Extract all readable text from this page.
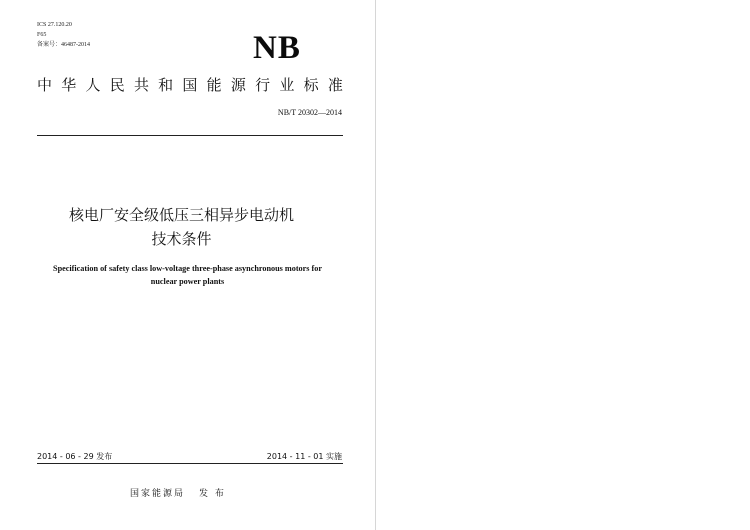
ICS 27.120.20
F65
备案号：46487-2014	NB
中 华 人 民 共 和 国 能 源 行 业 标 准
NB/T 20302—2014
核电厂安全级低压三相异步电动机
技术条件
Specification of safety class low-voltage three-phase asynchronous motors for
nuclear power plants
2014 - 06 - 29 发布	2014 - 11 - 01 实施
国家能源局 发 布
